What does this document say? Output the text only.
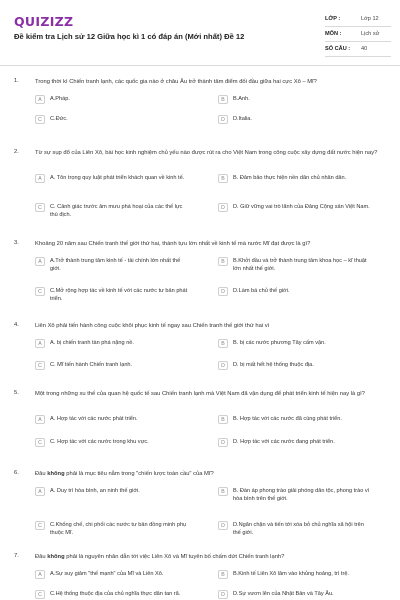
QUIZIZZ
Đề kiểm tra Lịch sử 12 Giữa học kì 1 có đáp án (Mới nhất) Đề 12
LỚP :	Lớp 12
MÔN :	Lịch sử
SỐ CÂU :	40
1.	Trong thời kì Chiến tranh lạnh, các quốc gia nào ở châu Âu trở thành tâm điểm đối đầu giữa hai cực Xô – Mĩ?
A	A.Pháp.	B	B.Anh.
C	C.Đức.	D	D.Italia.
2.	Từ sự sụp đổ của Liên Xô, bài học kinh nghiệm chủ yếu nào được rút ra cho Việt Nam trong công cuộc xây dựng đất nước hiện nay?
A	A. Tôn trọng quy luật phát triển khách quan về kinh tế.	B	B. Đảm bảo thực hiện nền dân chủ nhân dân.
C	C. Cảnh giác trước âm mưu phá hoại của các thế lực thù địch.
D	D. Giữ vững vai trò lãnh của Đảng Cộng sản Việt Nam.
3.	Khoảng 20 năm sau Chiến tranh thế giới thứ hai, thành tựu lớn nhất về kinh tế mà nước Mĩ đạt được là gì?
A	A.Trở thành trung tâm kinh tế - tài chính lớn nhất thế giới.
B	B.Khởi đầu và trở thành trung tâm khoa học – kĩ thuật lớn nhất thế giới.
C	C.Mở rộng hợp tác về kinh tế với các nước tư bản phát triển.
D	D.Làm bá chủ thế giới.
4.	Liên Xô phải tiến hành công cuộc khôi phục kinh tế ngay sau Chiến tranh thế giới thứ hai vì
A	A. bị chiến tranh tàn phá nặng nề.	B	B. bị các nước phương Tây cấm vận.
C	C. Mĩ tiến hành Chiến tranh lạnh.	D	D. bị mất hết hệ thống thuộc địa.
5.	Một trong những xu thế của quan hệ quốc tế sau Chiến tranh lạnh mà Việt Nam đã vận dụng để phát triển kinh tế hiện nay là gì?
A	A. Hợp tác với các nước phát triển.	B	B. Hợp tác với các nước đã cùng phát triển.
C	C. Hợp tác với các nước trong khu vực.	D	D. Hợp tác với các nước đang phát triển.
6.	Đâu không phải là mục tiêu nằm trong "chiến lược toàn cầu" của Mĩ?
A	A. Duy trì hòa bình, an ninh thế giới.	B	B. Đàn áp phong trào giải phóng dân tộc, phong trào vì hòa bình trên thế giới.
C	C.Khống chế, chi phối các nước tư bản đồng minh phụ thuộc Mĩ.
D	D.Ngăn chặn và tiến tới xóa bỏ chủ nghĩa xã hội trên thế giới.
7.	Đâu không phải là nguyên nhân dẫn tới việc Liên Xô và Mĩ tuyên bố chấm dứt Chiến tranh lạnh?
A	A.Sự suy giảm "thế mạnh" của Mĩ và Liên Xô.	B	B.Kinh tế Liên Xô lâm vào khủng hoảng, trì trệ.
C	C.Hệ thống thuộc địa của chủ nghĩa thực dân tan rã.	D	D.Sự vươn lên của Nhật Bản và Tây Âu.
